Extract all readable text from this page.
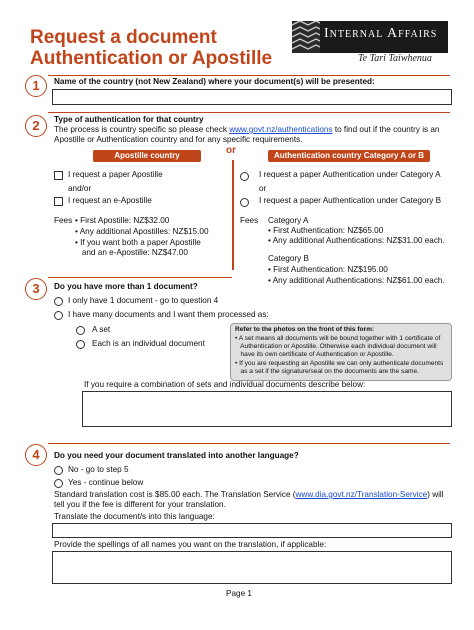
Request a document
Authentication or Apostille
Internal Affairs
Te Tari Taiwhenua
1	Name of the country (not New Zealand) where your document(s) will be presented:
2	Type of authentication for that country
The process is country specific so please check www.govt.nz/authentications to find out if the country is an
Apostille or Authentication country and for any specific requirements.
Apostille country	or	Authentication country Category A or B
I request a paper Apostille
and/or
I request an e-Apostille
Fees • First Apostille: NZ$32.00
• Any additional Apostilles: NZ$15.00
• If you want both a paper Apostille
and an e-Apostille: NZ$47.00
I request a paper Authentication under Category A
or
I request a paper Authentication under Category B
Fees Category A
• First Authentication: NZ$65.00
• Any additional Authentications: NZ$31.00 each.
Category B
• First Authentication: NZ$195.00
• Any additional Authentications: NZ$61.00 each.
3	Do you have more than 1 document?
I only have 1 document - go to question 4
I have many documents and I want them processed as:
A set
Each is an individual document
Refer to the photos on the front of this form:
• A set means all documents will be bound together with 1 certificate of
Authentication or Apostille. Otherwise each individual document will
have its own certificate of Authentication or Apostille.
• If you are requesting an Apostille we can only authenticate documents
as a set if the signature/seal on the documents are the same.
If you require a combination of sets and individual documents describe below:
4	Do you need your document translated into another language?
No - go to step 5
Yes - continue below
Standard translation cost is $85.00 each. The Translation Service (www.dia.govt.nz/Translation-Service) will
tell you if the fee is different for your translation.
Translate the document/s into this language:
Provide the spellings of all names you want on the translation, if applicable:
Page 1
